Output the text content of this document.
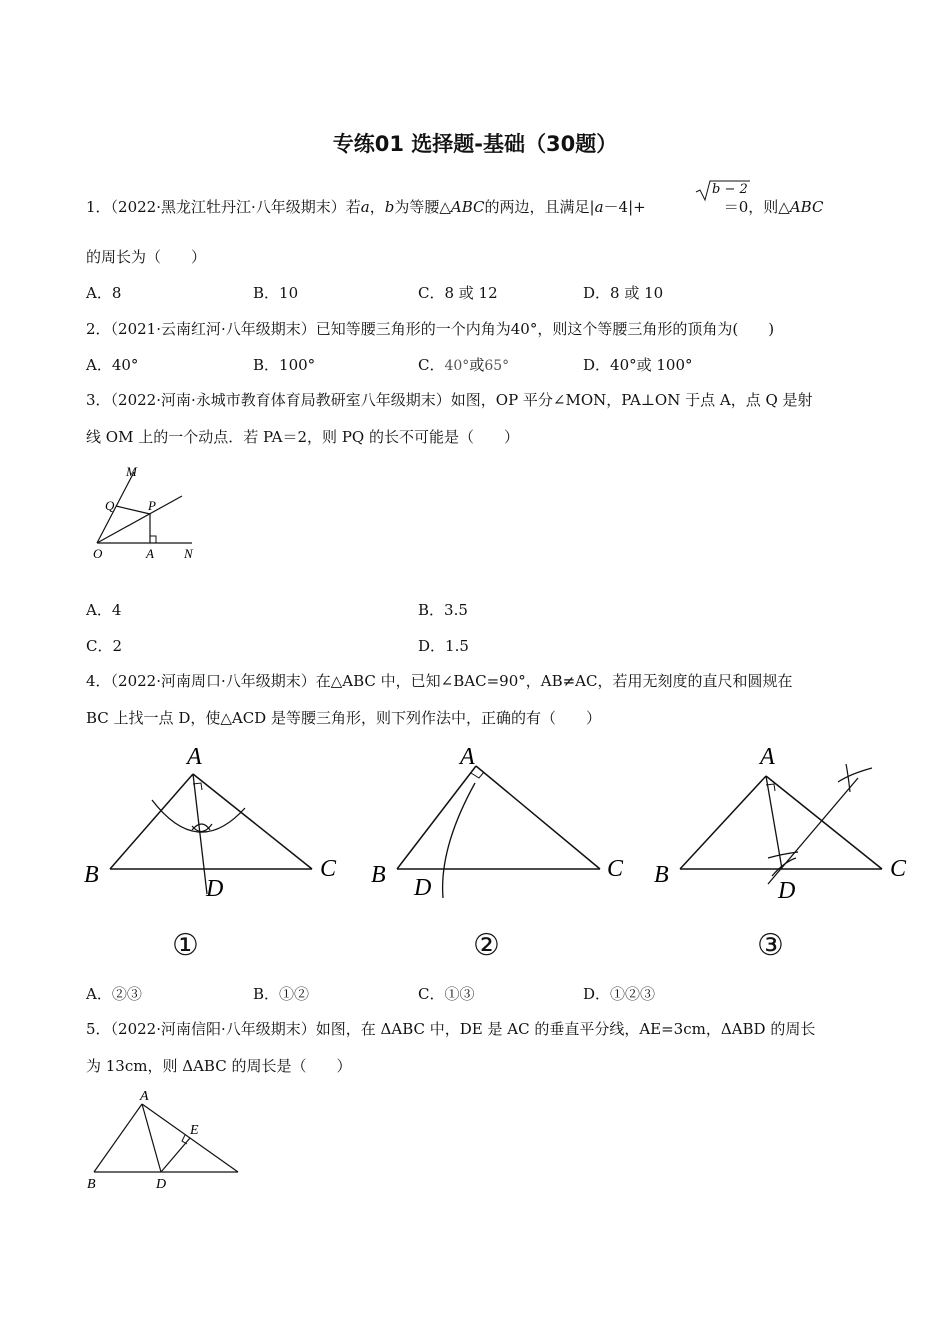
专练01 选择题-基础（30题）
1．（2022·黑龙江牡丹江·八年级期末）若a，b为等腰△ABC的两边，且满足|a－4|+	＝0，则△ABC
b − 2
的周长为（　　）
A．8	B．10	C．8 或 12	D．8 或 10
2．（2021·云南红河·八年级期末）已知等腰三角形的一个内角为40°，则这个等腰三角形的顶角为(　　)
A．40°	B．100°	C．40°或65°	D．40°或 100°
3．（2022·河南·永城市教育体育局教研室八年级期末）如图，OP 平分∠MON，PA⊥ON 于点 A，点 Q 是射
线 OM 上的一个动点．若 PA＝2，则 PQ 的长不可能是（　　）
M
Q	P
O	A N
A．4	B．3.5
C．2	D．1.5
4．（2022·河南周口·八年级期末）在△ABC 中，已知∠BAC=90°，AB≠AC，若用无刻度的直尺和圆规在
BC 上找一点 D，使△ACD 是等腰三角形，则下列作法中，正确的有（　　）
A
B	C
D
①
A
B	C
D
②
A
B	C
D
③
A．②③	B．①②	C．①③	D．①②③
5．（2022·河南信阳·八年级期末）如图，在 ΔABC 中，DE 是 AC 的垂直平分线，AE=3cm，ΔABD 的周长
为 13cm，则 ΔABC 的周长是（　　）
A
E
B	D
